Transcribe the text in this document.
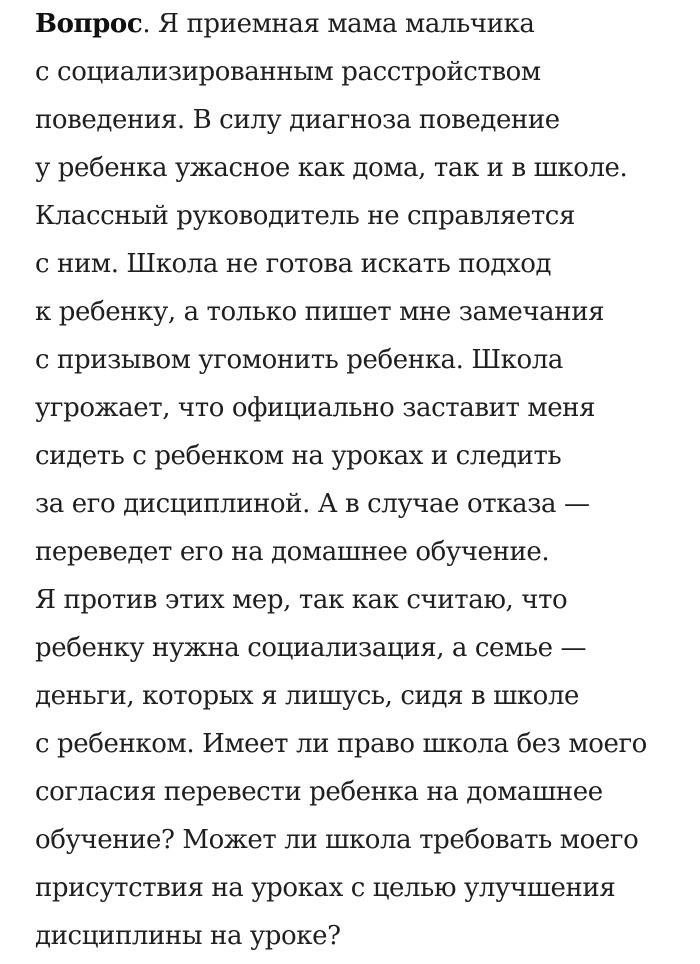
Вопрос. Я приемная мама мальчика
с социализированным расстройством
поведения. В силу диагноза поведение
у ребенка ужасное как дома, так и в школе.
Классный руководитель не справляется
с ним. Школа не готова искать подход
к ребенку, а только пишет мне замечания
с призывом угомонить ребенка. Школа
угрожает, что официально заставит меня
сидеть с ребенком на уроках и следить
за его дисциплиной. А в случае отказа —
переведет его на домашнее обучение.
Я против этих мер, так как считаю, что
ребенку нужна социализация, а семье —
деньги, которых я лишусь, сидя в школе
с ребенком. Имеет ли право школа без моего
согласия перевести ребенка на домашнее
обучение? Может ли школа требовать моего
присутствия на уроках с целью улучшения
дисциплины на уроке?
